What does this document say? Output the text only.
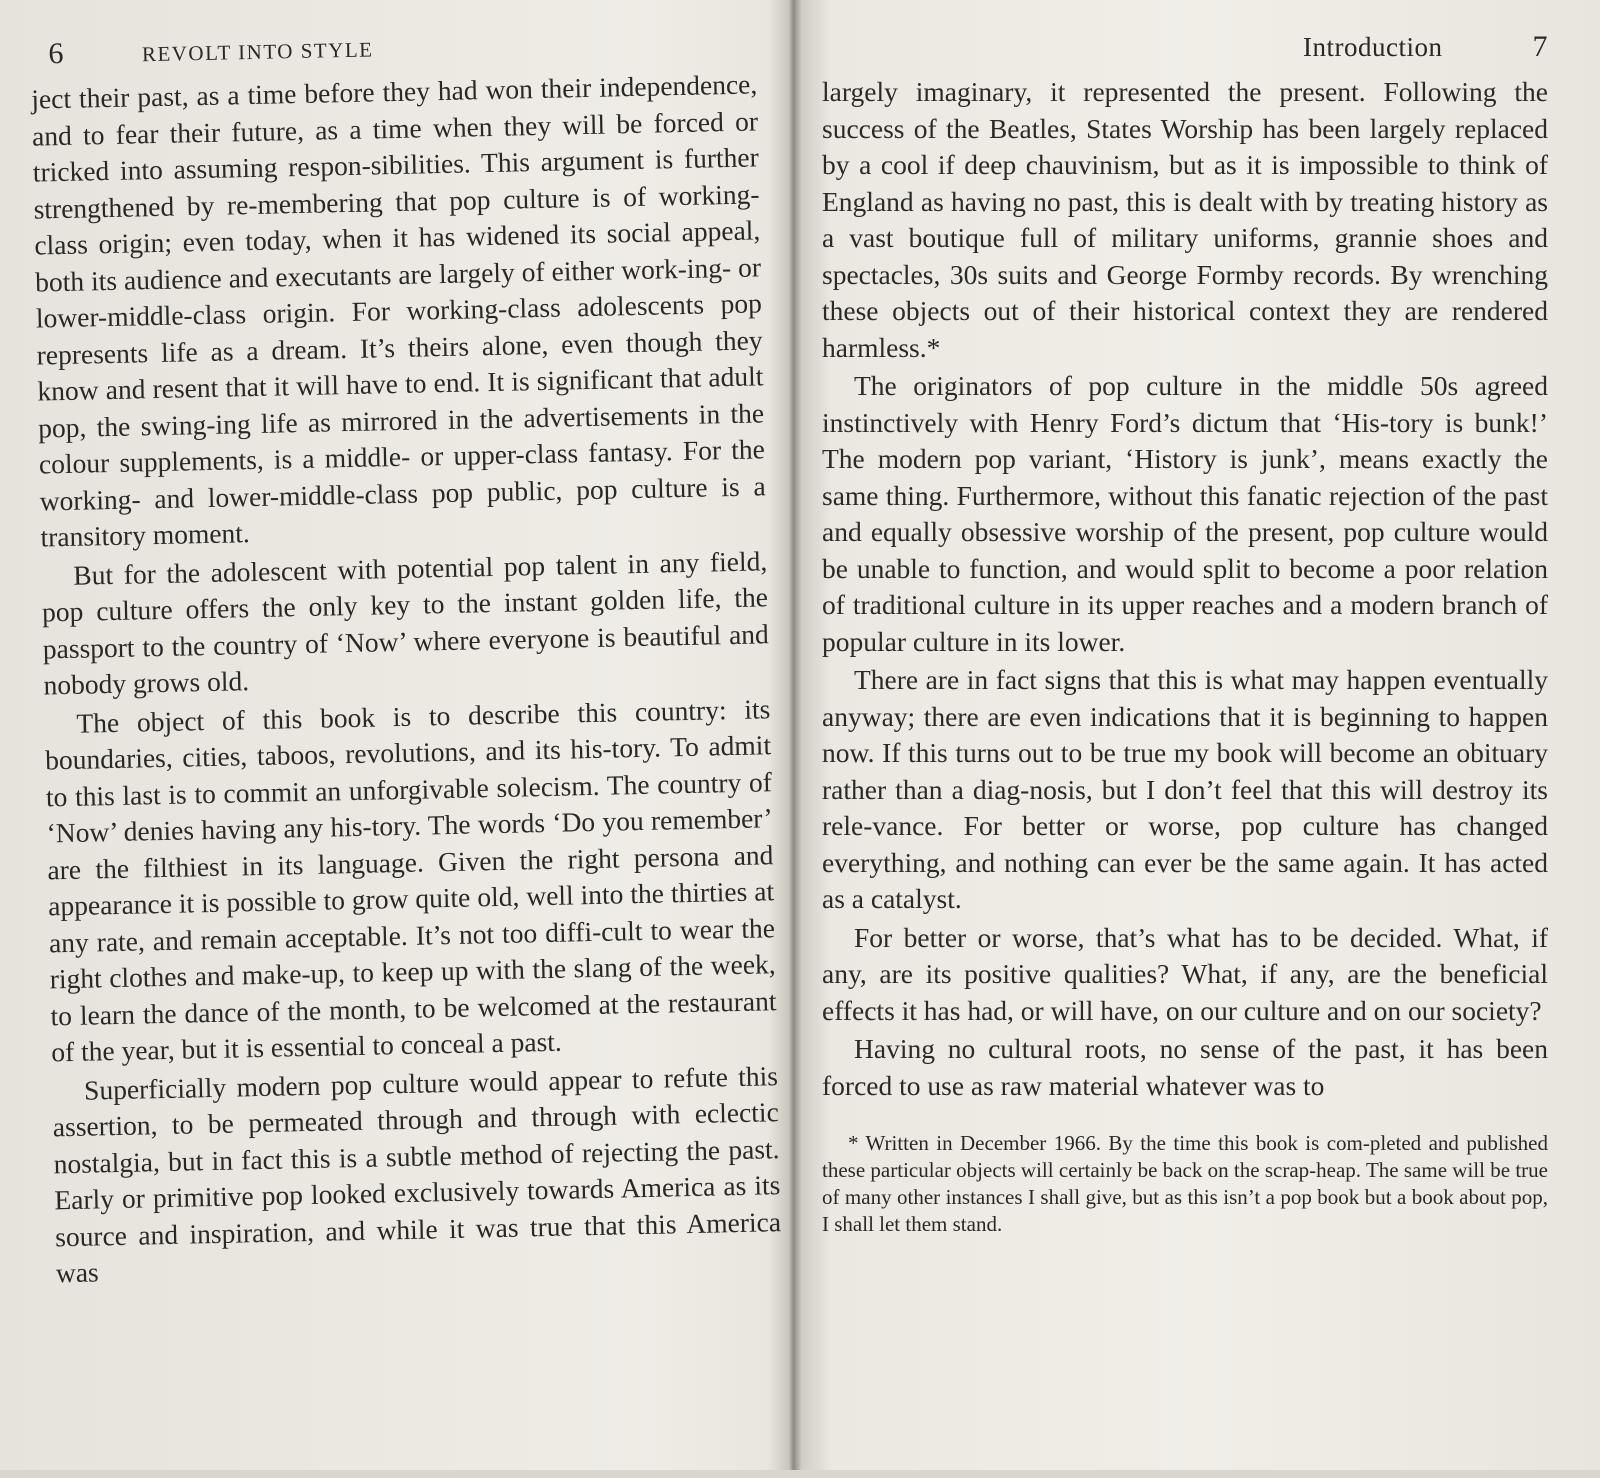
6	REVOLT INTO STYLE

ject their past, as a time before they had won their independence, and to fear their future, as a time when they will be forced or tricked into assuming respon-sibilities. This argument is further strengthened by re-membering that pop culture is of working-class origin; even today, when it has widened its social appeal, both its audience and executants are largely of either work-ing- or lower-middle-class origin. For working-class adolescents pop represents life as a dream. It’s theirs alone, even though they know and resent that it will have to end. It is significant that adult pop, the swing-ing life as mirrored in the advertisements in the colour supplements, is a middle- or upper-class fantasy. For the working- and lower-middle-class pop public, pop culture is a transitory moment.

But for the adolescent with potential pop talent in any field, pop culture offers the only key to the instant golden life, the passport to the country of ‘Now’ where everyone is beautiful and nobody grows old.

The object of this book is to describe this country: its boundaries, cities, taboos, revolutions, and its his-tory. To admit to this last is to commit an unforgivable solecism. The country of ‘Now’ denies having any his-tory. The words ‘Do you remember’ are the filthiest in its language. Given the right persona and appearance it is possible to grow quite old, well into the thirties at any rate, and remain acceptable. It’s not too diffi-cult to wear the right clothes and make-up, to keep up with the slang of the week, to learn the dance of the month, to be welcomed at the restaurant of the year, but it is essential to conceal a past.

Superficially modern pop culture would appear to refute this assertion, to be permeated through and through with eclectic nostalgia, but in fact this is a subtle method of rejecting the past. Early or primitive pop looked exclusively towards America as its source and inspiration, and while it was true that this America was

Introduction	7

largely imaginary, it represented the present. Following the success of the Beatles, States Worship has been largely replaced by a cool if deep chauvinism, but as it is impossible to think of England as having no past, this is dealt with by treating history as a vast boutique full of military uniforms, grannie shoes and spectacles, 30s suits and George Formby records. By wrenching these objects out of their historical context they are rendered harmless.*

The originators of pop culture in the middle 50s agreed instinctively with Henry Ford’s dictum that ‘His-tory is bunk!’ The modern pop variant, ‘History is junk’, means exactly the same thing. Furthermore, without this fanatic rejection of the past and equally obsessive worship of the present, pop culture would be unable to function, and would split to become a poor relation of traditional culture in its upper reaches and a modern branch of popular culture in its lower.

There are in fact signs that this is what may happen eventually anyway; there are even indications that it is beginning to happen now. If this turns out to be true my book will become an obituary rather than a diag-nosis, but I don’t feel that this will destroy its rele-vance. For better or worse, pop culture has changed everything, and nothing can ever be the same again. It has acted as a catalyst.

For better or worse, that’s what has to be decided. What, if any, are its positive qualities? What, if any, are the beneficial effects it has had, or will have, on our culture and on our society?

Having no cultural roots, no sense of the past, it has been forced to use as raw material whatever was to

* Written in December 1966. By the time this book is com-pleted and published these particular objects will certainly be back on the scrap-heap. The same will be true of many other instances I shall give, but as this isn’t a pop book but a book about pop, I shall let them stand.
